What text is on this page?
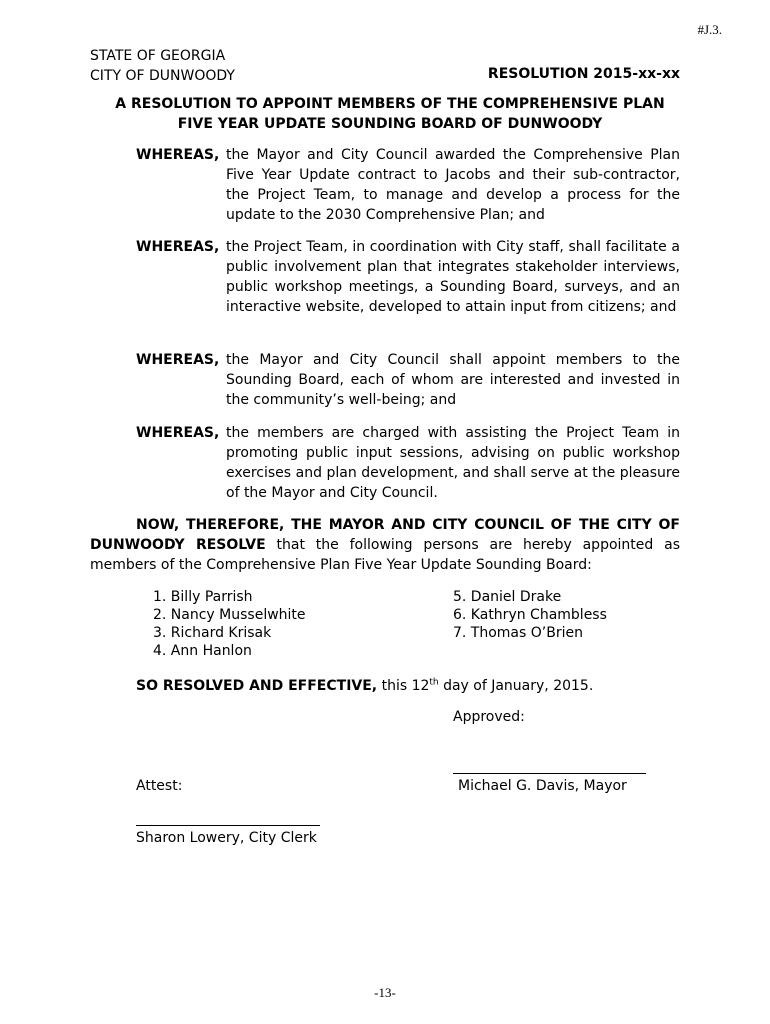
#J.3.
STATE OF GEORGIA
CITY OF DUNWOODY	RESOLUTION 2015-xx-xx
A RESOLUTION TO APPOINT MEMBERS OF THE COMPREHENSIVE PLAN
FIVE YEAR UPDATE SOUNDING BOARD OF DUNWOODY
WHEREAS, the Mayor and City Council awarded the Comprehensive Plan Five Year Update contract to Jacobs and their sub-contractor, the Project Team, to manage and develop a process for the update to the 2030 Comprehensive Plan; and
WHEREAS, the Project Team, in coordination with City staff, shall facilitate a public involvement plan that integrates stakeholder interviews, public workshop meetings, a Sounding Board, surveys, and an interactive website, developed to attain input from citizens; and
WHEREAS, the Mayor and City Council shall appoint members to the Sounding Board, each of whom are interested and invested in the community’s well-being; and
WHEREAS, the members are charged with assisting the Project Team in promoting public input sessions, advising on public workshop exercises and plan development, and shall serve at the pleasure of the Mayor and City Council.
NOW, THEREFORE, THE MAYOR AND CITY COUNCIL OF THE CITY OF DUNWOODY RESOLVE that the following persons are hereby appointed as members of the Comprehensive Plan Five Year Update Sounding Board:
1. Billy Parrish
2. Nancy Musselwhite
3. Richard Krisak
4. Ann Hanlon
5. Daniel Drake
6. Kathryn Chambless
7. Thomas O’Brien
SO RESOLVED AND EFFECTIVE, this 12th day of January, 2015.
Approved:
Michael G. Davis, Mayor
Attest:
Sharon Lowery, City Clerk
-13-
